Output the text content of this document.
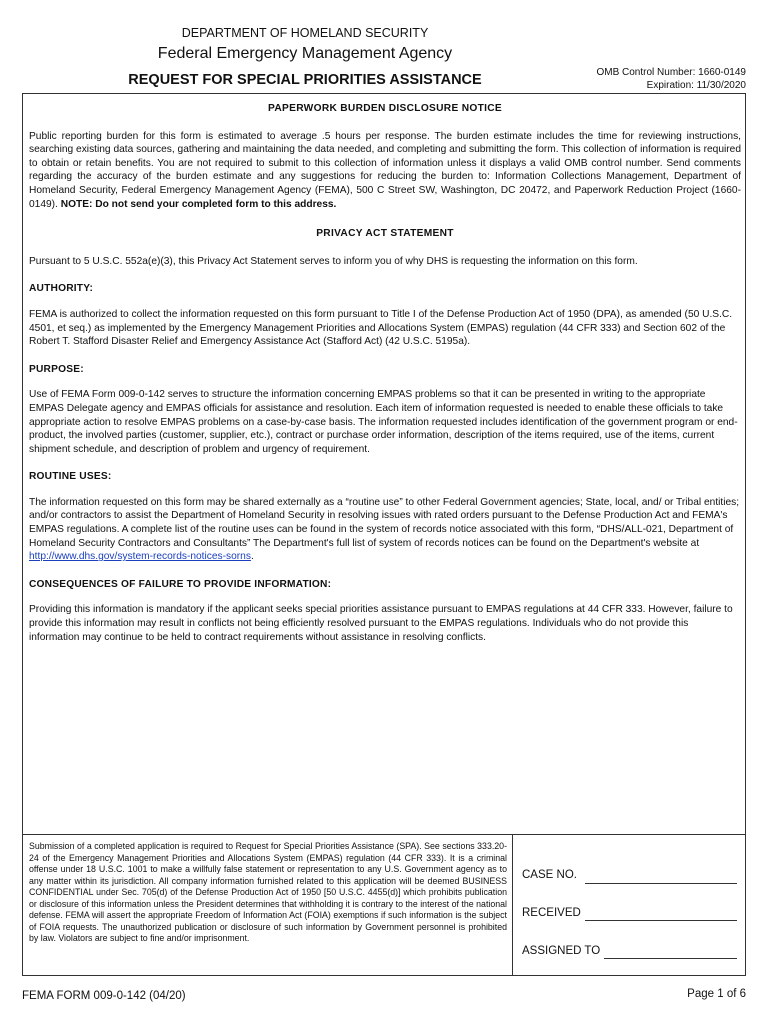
DEPARTMENT OF HOMELAND SECURITY
Federal Emergency Management Agency
REQUEST FOR SPECIAL PRIORITIES ASSISTANCE	OMB Control Number: 1660-0149
Expiration: 11/30/2020

PAPERWORK BURDEN DISCLOSURE NOTICE

Public reporting burden for this form is estimated to average .5 hours per response. The burden estimate includes the time for reviewing instructions, searching existing data sources, gathering and maintaining the data needed, and completing and submitting the form. This collection of information is required to obtain or retain benefits. You are not required to submit to this collection of information unless it displays a valid OMB control number. Send comments regarding the accuracy of the burden estimate and any suggestions for reducing the burden to: Information Collections Management, Department of Homeland Security, Federal Emergency Management Agency (FEMA), 500 C Street SW, Washington, DC 20472, and Paperwork Reduction Project (1660-0149). NOTE: Do not send your completed form to this address.

PRIVACY ACT STATEMENT

Pursuant to 5 U.S.C. 552a(e)(3), this Privacy Act Statement serves to inform you of why DHS is requesting the information on this form.

AUTHORITY:

FEMA is authorized to collect the information requested on this form pursuant to Title I of the Defense Production Act of 1950 (DPA), as amended (50 U.S.C. 4501, et seq.) as implemented by the Emergency Management Priorities and Allocations System (EMPAS) regulation (44 CFR 333) and Section 602 of the Robert T. Stafford Disaster Relief and Emergency Assistance Act (Stafford Act) (42 U.S.C. 5195a).

PURPOSE:

Use of FEMA Form 009-0-142 serves to structure the information concerning EMPAS problems so that it can be presented in writing to the appropriate EMPAS Delegate agency and EMPAS officials for assistance and resolution. Each item of information requested is needed to enable these officials to take appropriate action to resolve EMPAS problems on a case-by-case basis. The information requested includes identification of the government program or end-product, the involved parties (customer, supplier, etc.), contract or purchase order information, description of the items required, use of the items, current shipment schedule, and description of problem and urgency of requirement.

ROUTINE USES:

The information requested on this form may be shared externally as a “routine use” to other Federal Government agencies; State, local, and/ or Tribal entities; and/or contractors to assist the Department of Homeland Security in resolving issues with rated orders pursuant to the Defense Production Act and FEMA's EMPAS regulations. A complete list of the routine uses can be found in the system of records notice associated with this form, “DHS/ALL-021, Department of Homeland Security Contractors and Consultants” The Department's full list of system of records notices can be found on the Department's website at http://www.dhs.gov/system-records-notices-sorns.

CONSEQUENCES OF FAILURE TO PROVIDE INFORMATION:

Providing this information is mandatory if the applicant seeks special priorities assistance pursuant to EMPAS regulations at 44 CFR 333. However, failure to provide this information may result in conflicts not being efficiently resolved pursuant to the EMPAS regulations. Individuals who do not provide this information may continue to be held to contract requirements without assistance in resolving conflicts.

Submission of a completed application is required to Request for Special Priorities Assistance (SPA). See sections 333.20-24 of the Emergency Management Priorities and Allocations System (EMPAS) regulation (44 CFR 333). It is a criminal offense under 18 U.S.C. 1001 to make a willfully false statement or representation to any U.S. Government agency as to any matter within its jurisdiction. All company information furnished related to this application will be deemed BUSINESS CONFIDENTIAL under Sec. 705(d) of the Defense Production Act of 1950 [50 U.S.C. 4455(d)] which prohibits publication or disclosure of this information unless the President determines that withholding it is contrary to the interest of the national defense. FEMA will assert the appropriate Freedom of Information Act (FOIA) exemptions if such information is the subject of FOIA requests. The unauthorized publication or disclosure of such information by Government personnel is prohibited by law. Violators are subject to fine and/or imprisonment.
CASE NO.
RECEIVED
ASSIGNED TO
FEMA FORM 009-0-142 (04/20)	Page 1 of 6
